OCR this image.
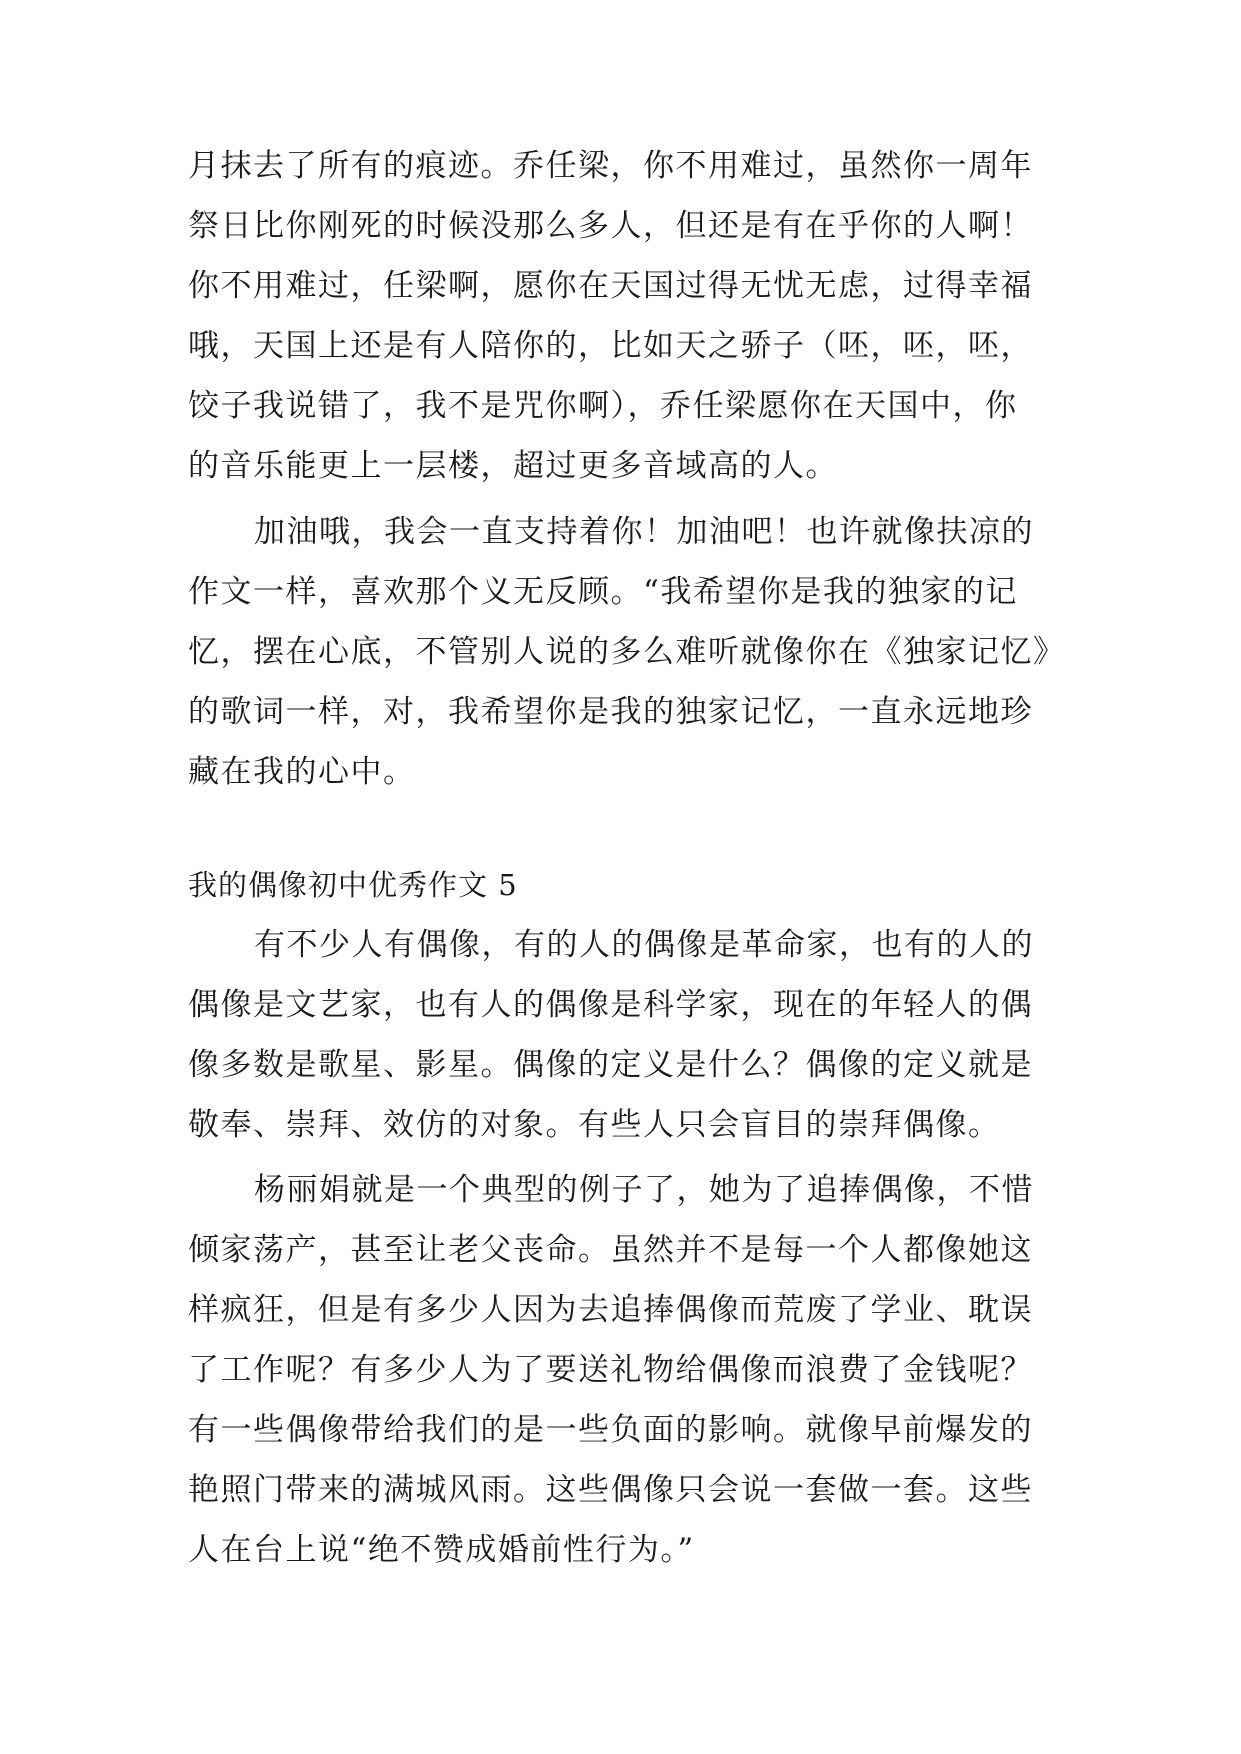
月抹去了所有的痕迹。乔任梁，你不用难过，虽然你一周年
祭日比你刚死的时候没那么多人，但还是有在乎你的人啊！
你不用难过，任梁啊，愿你在天国过得无忧无虑，过得幸福
哦，天国上还是有人陪你的，比如天之骄子（呸，呸，呸，
饺子我说错了，我不是咒你啊），乔任梁愿你在天国中，你
的音乐能更上一层楼，超过更多音域高的人。
加油哦，我会一直支持着你！加油吧！也许就像扶凉的
作文一样，喜欢那个义无反顾。“我希望你是我的独家的记
忆，摆在心底，不管别人说的多么难听就像你在《独家记忆》
的歌词一样，对，我希望你是我的独家记忆，一直永远地珍
藏在我的心中。
我的偶像初中优秀作文 5
有不少人有偶像，有的人的偶像是革命家，也有的人的
偶像是文艺家，也有人的偶像是科学家，现在的年轻人的偶
像多数是歌星、影星。偶像的定义是什么？偶像的定义就是
敬奉、崇拜、效仿的对象。有些人只会盲目的崇拜偶像。
杨丽娟就是一个典型的例子了，她为了追捧偶像，不惜
倾家荡产，甚至让老父丧命。虽然并不是每一个人都像她这
样疯狂，但是有多少人因为去追捧偶像而荒废了学业、耽误
了工作呢？有多少人为了要送礼物给偶像而浪费了金钱呢？
有一些偶像带给我们的是一些负面的影响。就像早前爆发的
艳照门带来的满城风雨。这些偶像只会说一套做一套。这些
人在台上说“绝不赞成婚前性行为。”
